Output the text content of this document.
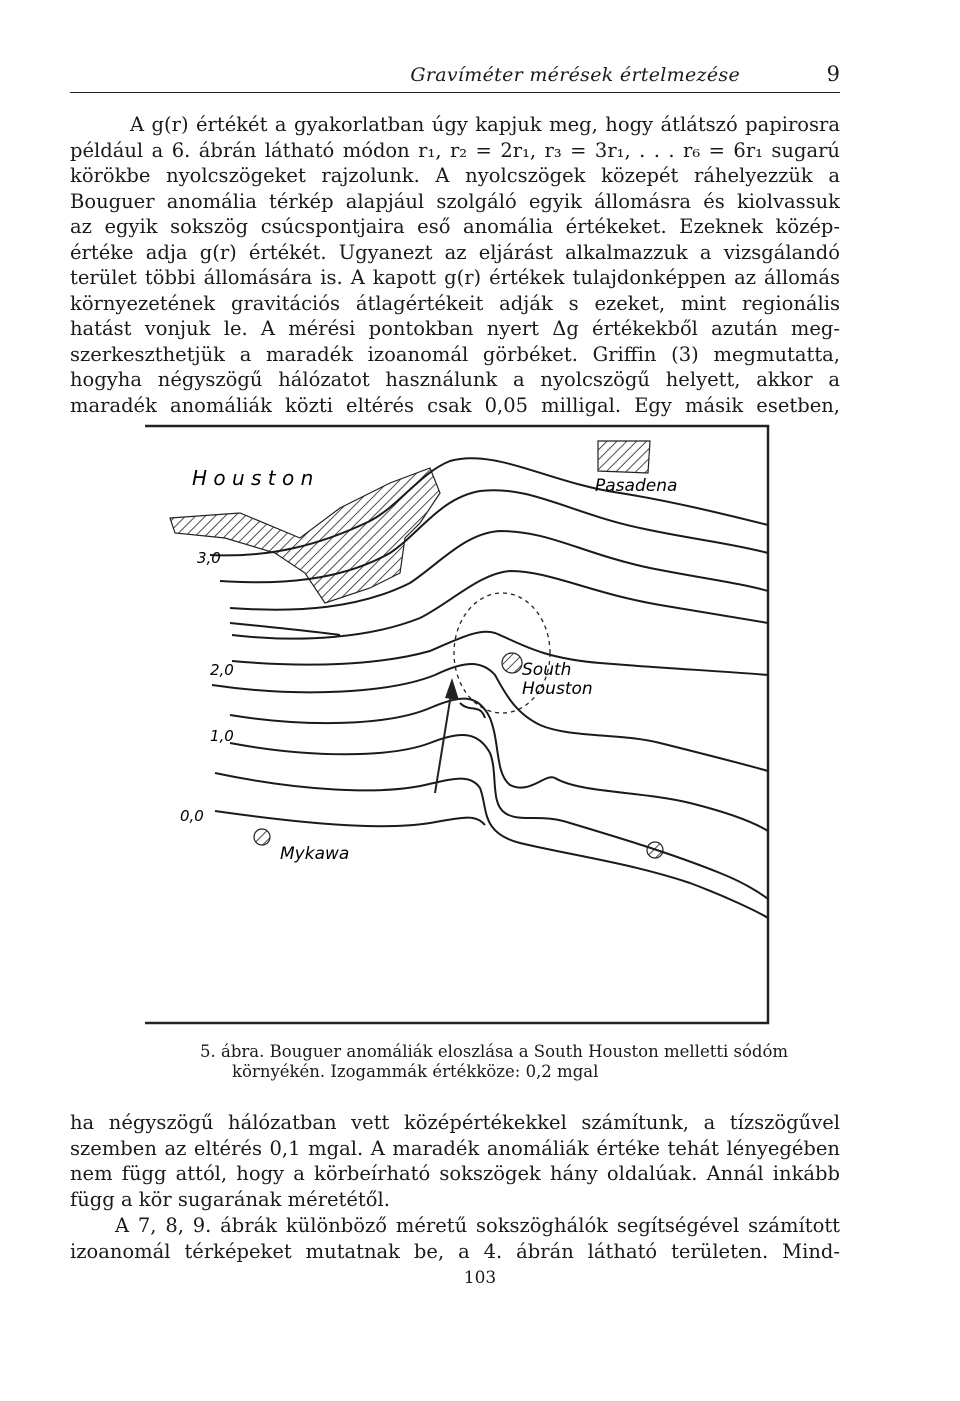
Gravíméter mérések értelmezése	9
A g(r) értékét a gyakorlatban úgy kapjuk meg, hogy átlátszó papirosra
például a 6. ábrán látható módon r₁, r₂ = 2r₁, r₃ = 3r₁, . . . r₆ = 6r₁ sugarú
körökbe nyolcszögeket rajzolunk. A nyolcszögek közepét ráhelyezzük a
Bouguer anomália térkép alapjául szolgáló egyik állomásra és kiolvassuk
az egyik sokszög csúcspontjaira eső anomália értékeket. Ezeknek közép-
értéke adja g(r) értékét. Ugyanezt az eljárást alkalmazzuk a vizsgálandó
terület többi állomására is. A kapott g(r) értékek tulajdonképpen az állomás
környezetének gravitációs átlagértékeit adják s ezeket, mint regionális
hatást vonjuk le. A mérési pontokban nyert Δg értékekből azután meg-
szerkeszthetjük a maradék izoanomál görbéket. Griffin (3) megmutatta,
hogyha négyszögű hálózatot használunk a nyolcszögű helyett, akkor a
maradék anomáliák közti eltérés csak 0,05 milligal. Egy másik esetben,
H o u s t o n	Pasadena
South
Houston
Mykawa
3,0
2,0
1,0
0,0
5. ábra. Bouguer anomáliák eloszlása a South Houston melletti sódóm
környékén. Izogammák értékköze: 0,2 mgal
ha négyszögű hálózatban vett középértékekkel számítunk, a tízszögűvel
szemben az eltérés 0,1 mgal. A maradék anomáliák értéke tehát lényegében
nem függ attól, hogy a körbeírható sokszögek hány oldalúak. Annál inkább
függ a kör sugarának méretétől.
A 7, 8, 9. ábrák különböző méretű sokszöghálók segítségével számított
izoanomál térképeket mutatnak be, a 4. ábrán látható területen. Mind-
103
